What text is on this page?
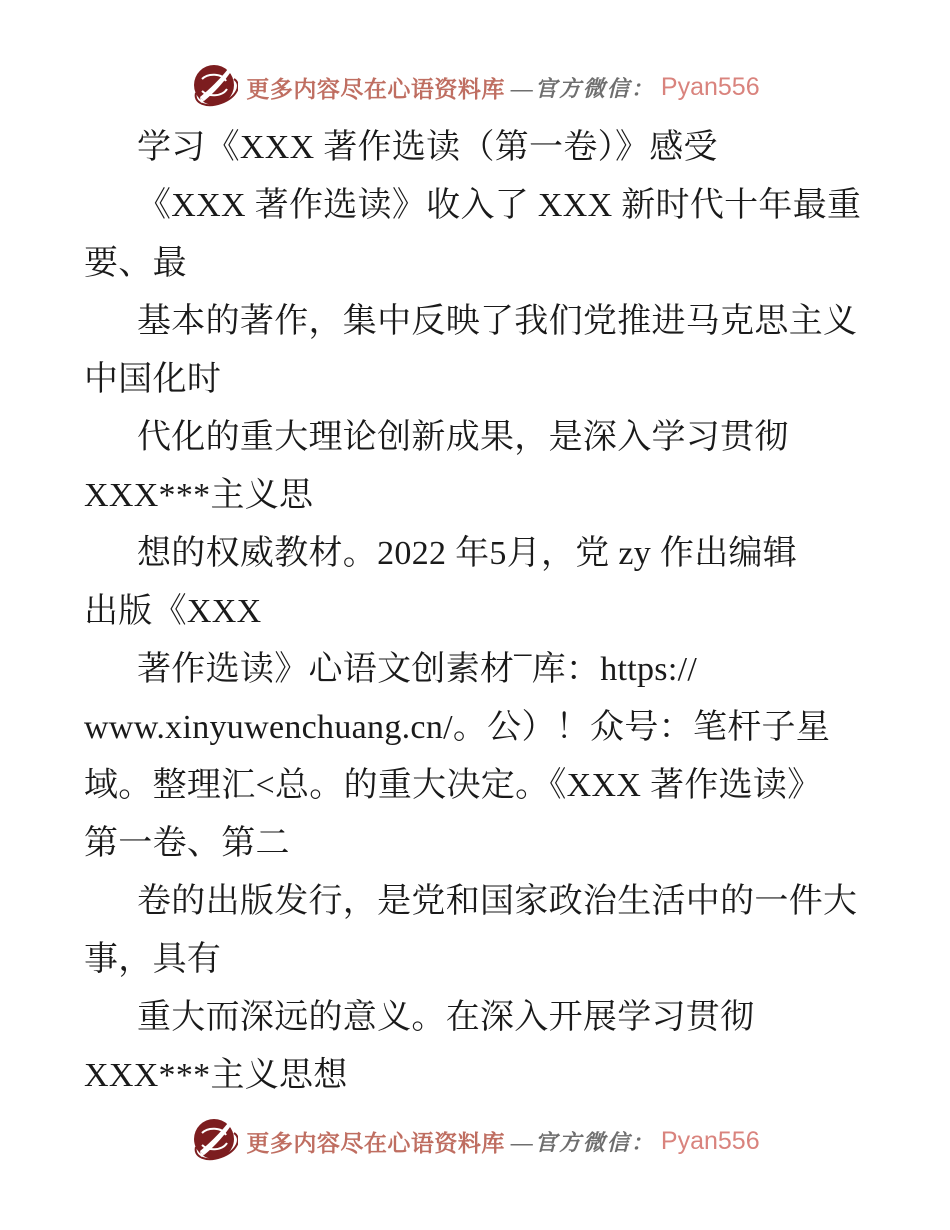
更多内容尽在心语资料库 —官方微信： Pyan556
学习《XXX 著作选读（第一卷）》感受
《XXX 著作选读》收入了 XXX 新时代十年最重
要、最
基本的著作，集中反映了我们党推进马克思主义
中国化时
代化的重大理论创新成果，是深入学习贯彻
XXX***主义思
想的权威教材。2022 年5月，党 zy 作出编辑
出版《XXX
著作选读》心语文创素材¯库：https://
www.xinyuwenchuang.cn/。公）！众号：笔杆子星
域。整理汇<总。的重大决定。《XXX 著作选读》
第一卷、第二
卷的出版发行，是党和国家政治生活中的一件大
事，具有
重大而深远的意义。在深入开展学习贯彻
XXX***主义思想
更多内容尽在心语资料库 —官方微信： Pyan556
